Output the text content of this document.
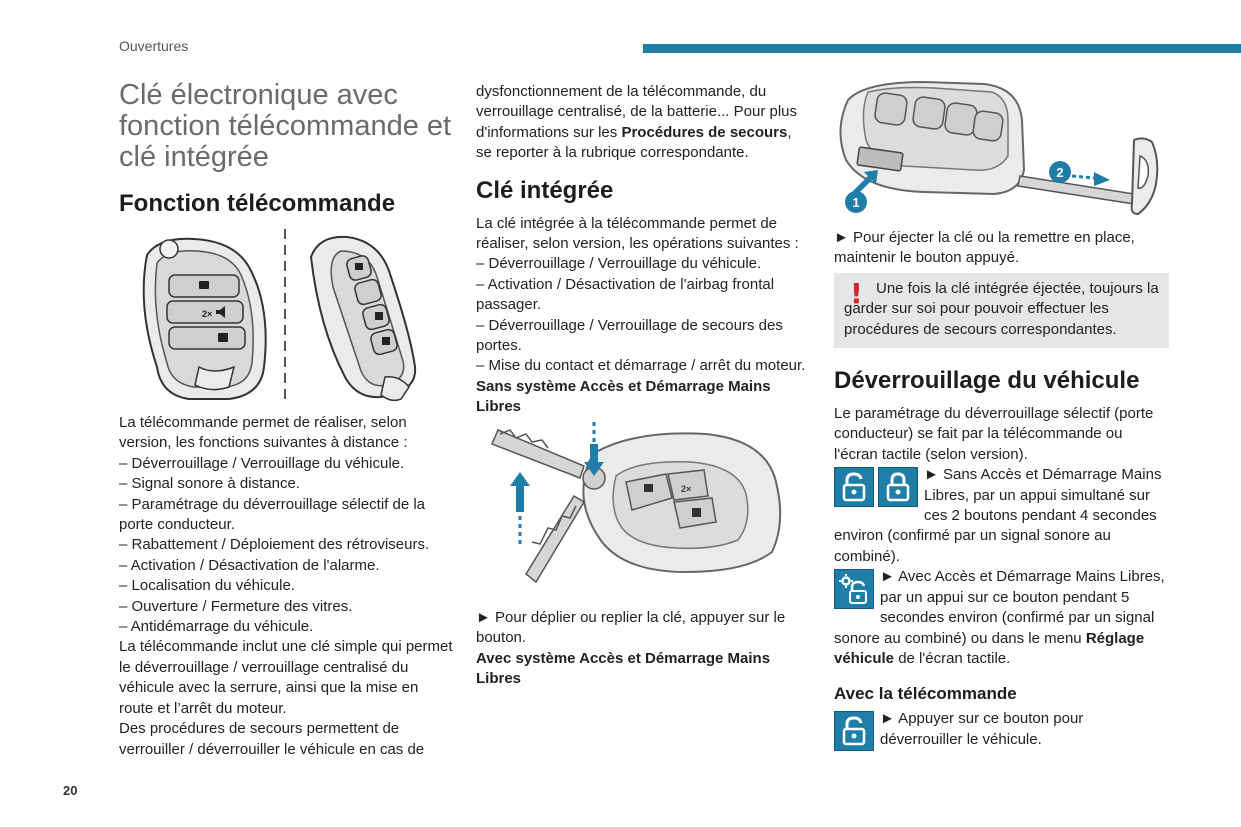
Ouvertures
Clé électronique avec fonction télécommande et clé intégrée
Fonction télécommande
2×

La télécommande permet de réaliser, selon version, les fonctions suivantes à distance :

– Déverrouillage / Verrouillage du véhicule.

– Signal sonore à distance.

– Paramétrage du déverrouillage sélectif de la porte conducteur.

– Rabattement / Déploiement des rétroviseurs.

– Activation / Désactivation de l'alarme.

– Localisation du véhicule.

– Ouverture / Fermeture des vitres.

– Antidémarrage du véhicule.

La télécommande inclut une clé simple qui permet le déverrouillage / verrouillage centralisé du véhicule avec la serrure, ainsi que la mise en route et l’arrêt du moteur.

Des procédures de secours permettent de verrouiller / déverrouiller le véhicule en cas de

dysfonctionnement de la télécommande, du verrouillage centralisé, de la batterie... Pour plus d'informations sur les Procédures de secours, se reporter à la rubrique correspondante.

Clé intégrée

La clé intégrée à la télécommande permet de réaliser, selon version, les opérations suivantes :

– Déverrouillage / Verrouillage du véhicule.

– Activation / Désactivation de l'airbag frontal passager.

– Déverrouillage / Verrouillage de secours des portes.

– Mise du contact et démarrage / arrêt du moteur.

Sans système Accès et Démarrage Mains Libres

2×

► Pour déplier ou replier la clé, appuyer sur le bouton.

Avec système Accès et Démarrage Mains Libres

1
2

► Pour éjecter la clé ou la remettre en place, maintenir le bouton appuyé.

! Une fois la clé intégrée éjectée, toujours la garder sur soi pour pouvoir effectuer les procédures de secours correspondantes.

Déverrouillage du véhicule

Le paramétrage du déverrouillage sélectif (porte conducteur) se fait par la télécommande ou l'écran tactile (selon version).

► Sans Accès et Démarrage Mains Libres, par un appui simultané sur ces 2 boutons pendant 4 secondes environ (confirmé par un signal sonore au combiné).

► Avec Accès et Démarrage Mains Libres, par un appui sur ce bouton pendant 5 secondes environ (confirmé par un signal sonore au combiné) ou dans le menu Réglage véhicule de l'écran tactile.

Avec la télécommande

► Appuyer sur ce bouton pour déverrouiller le véhicule.

20
